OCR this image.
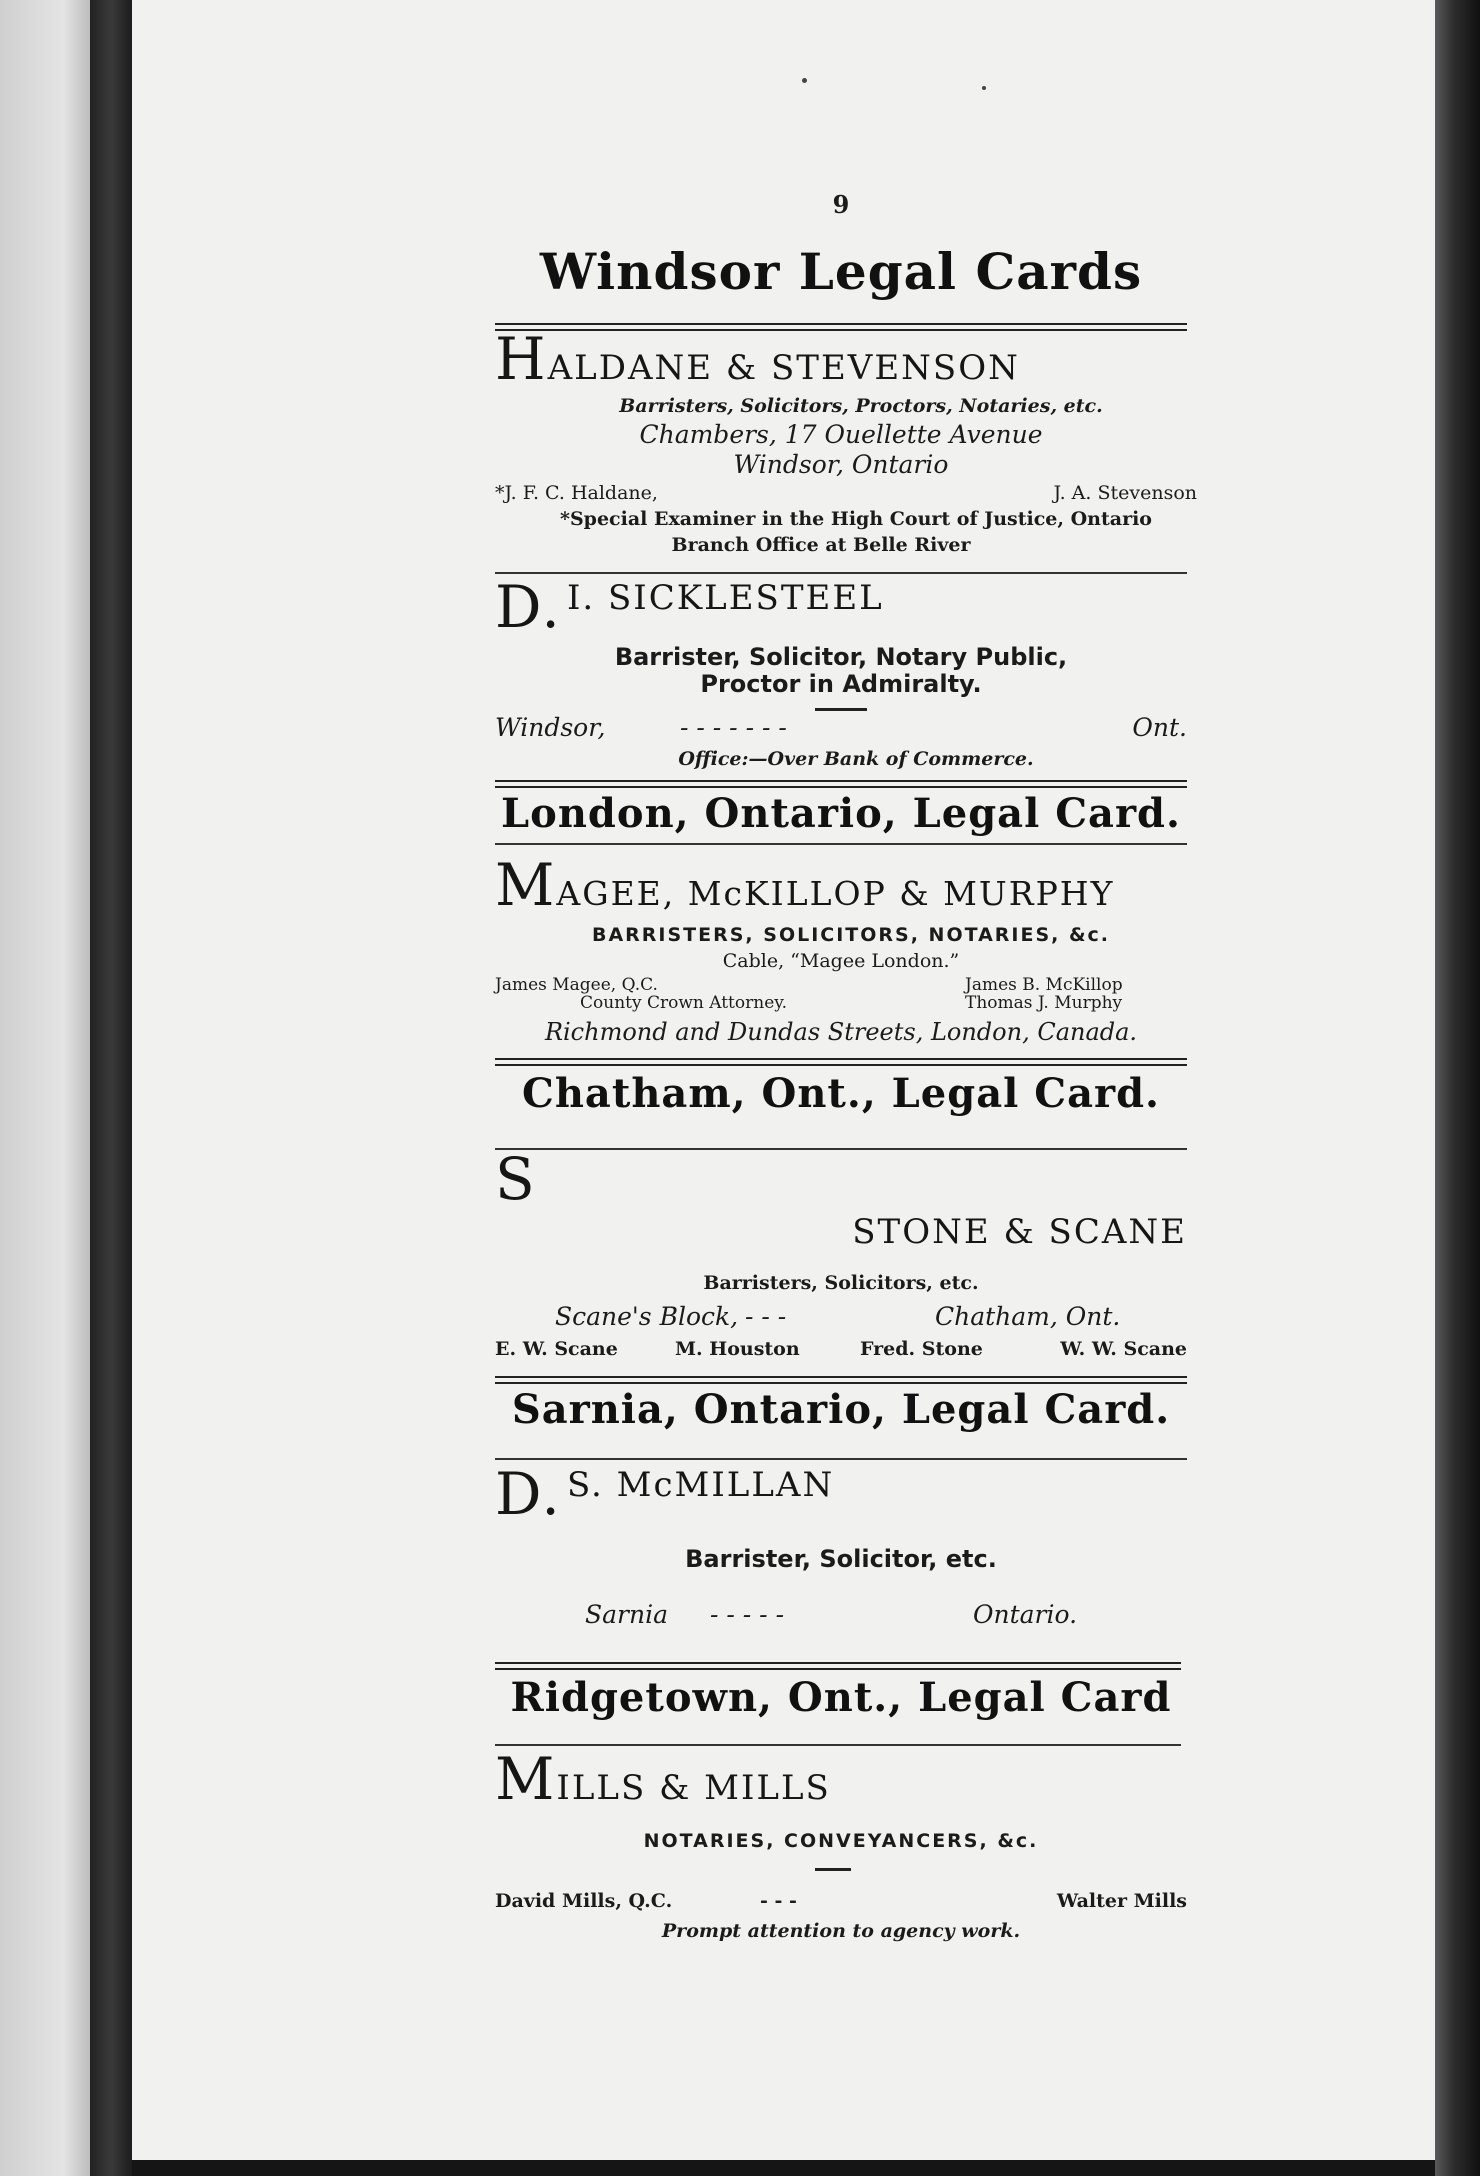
9
Windsor Legal Cards
HALDANE & STEVENSON
Barristers, Solicitors, Proctors, Notaries, etc.
Chambers, 17 Ouellette Avenue
Windsor, Ontario
*J. F. C. Haldane,	J. A. Stevenson
*Special Examiner in the High Court of Justice, Ontario
Branch Office at Belle River
D. I. SICKLESTEEL
Barrister, Solicitor, Notary Public,
Proctor in Admiralty.
Windsor,	- - - - - - -	Ont.
Office:—Over Bank of Commerce.
London, Ontario, Legal Card.
MAGEE, McKILLOP & MURPHY
BARRISTERS, SOLICITORS, NOTARIES, &c.
Cable, “Magee London.”
James Magee, Q.C.	James B. McKillop
County Crown Attorney.	Thomas J. Murphy
Richmond and Dundas Streets, London, Canada.
Chatham, Ont., Legal Card.
S
STONE & SCANE
Barristers, Solicitors, etc.
Scane's Block, - - -	Chatham, Ont.
E. W. Scane	M. Houston	Fred. Stone	W. W. Scane
Sarnia, Ontario, Legal Card.
D. S. McMILLAN
Barrister, Solicitor, etc.
Sarnia - - - - -	Ontario.
Ridgetown, Ont., Legal Card
MILLS & MILLS
NOTARIES, CONVEYANCERS, &c.
David Mills, Q.C.	- - -	Walter Mills
Prompt attention to agency work.
